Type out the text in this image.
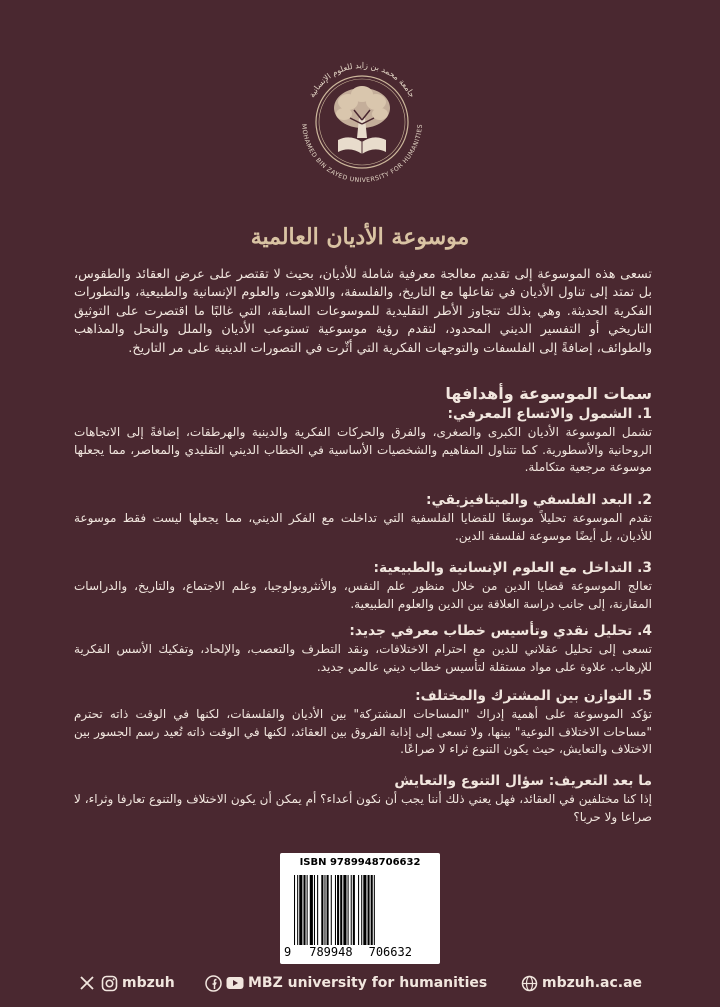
جامعة محمد بن زايد للعلوم الإنسانية
MOHAMED BIN ZAYED UNIVERSITY FOR HUMANITIES
موسوعة الأديان العالمية
تسعى هذه الموسوعة إلى تقديم معالجة معرفية شاملة للأديان، بحيث لا تقتصر على عرض العقائد والطقوس، بل تمتد إلى تناول الأديان في تفاعلها مع التاريخ، والفلسفة، واللاهوت، والعلوم الإنسانية والطبيعية، والتطورات الفكرية الحديثة. وهي بذلك تتجاوز الأطر التقليدية للموسوعات السابقة، التي غالبًا ما اقتصرت على التوثيق التاريخي أو التفسير الديني المحدود، لتقدم رؤية موسوعية تستوعب الأديان والملل والنحل والمذاهب والطوائف، إضافةً إلى الفلسفات والتوجهات الفكرية التي أثّرت في التصورات الدينية على مر التاريخ.
سمات الموسوعة وأهدافها
1. الشمول والاتساع المعرفي:

تشمل الموسوعة الأديان الكبرى والصغرى، والفرق والحركات الفكرية والدينية والهرطقات، إضافةً إلى الاتجاهات الروحانية والأسطورية. كما تتناول المفاهيم والشخصيات الأساسية في الخطاب الديني التقليدي والمعاصر، مما يجعلها موسوعة مرجعية متكاملة.

2. البعد الفلسفي والميتافيزيقي:

تقدم الموسوعة تحليلاً موسعًا للقضايا الفلسفية التي تداخلت مع الفكر الديني، مما يجعلها ليست فقط موسوعة للأديان، بل أيضًا موسوعة لفلسفة الدين.

3. التداخل مع العلوم الإنسانية والطبيعية:

تعالج الموسوعة قضايا الدين من خلال منظور علم النفس، والأنثروبولوجيا، وعلم الاجتماع، والتاريخ، والدراسات المقارنة، إلى جانب دراسة العلاقة بين الدين والعلوم الطبيعية.

4. تحليل نقدي وتأسيس خطاب معرفي جديد:

تسعى إلى تحليل عقلاني للدين مع احترام الاختلافات، ونقد التطرف والتعصب، والإلحاد، وتفكيك الأسس الفكرية للإرهاب. علاوة على مواد مستقلة لتأسيس خطاب ديني عالمي جديد.

5. التوازن بين المشترك والمختلف:

تؤكد الموسوعة على أهمية إدراك "المساحات المشتركة" بين الأديان والفلسفات، لكنها في الوقت ذاته تحترم "مساحات الاختلاف النوعية" بينها، ولا تسعى إلى إذابة الفروق بين العقائد، لكنها في الوقت ذاته تُعيد رسم الجسور بين الاختلاف والتعايش، حيث يكون التنوع ثراء لا صراعًا.

ما بعد التعريف: سؤال التنوع والتعايش

إذا كنا مختلفين في العقائد، فهل يعني ذلك أننا يجب أن نكون أعداء؟ أم يمكن أن يكون الاختلاف والتنوع تعارفا وثراء، لا صراعا ولا حربا؟

ISBN 9789948706632
9 789948 706632
mbzuh	MBZ university for humanities	mbzuh.ac.ae
